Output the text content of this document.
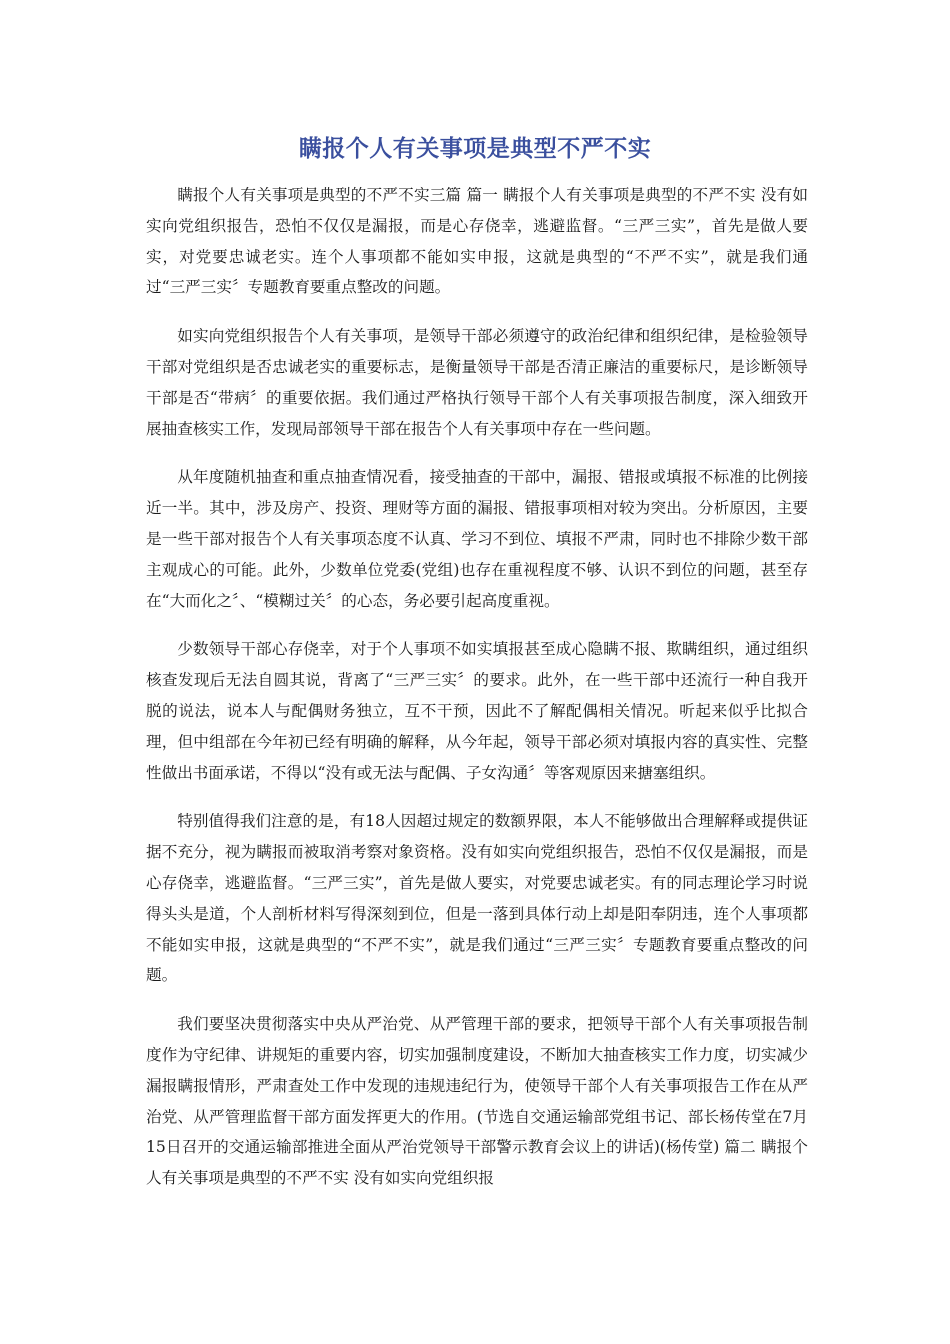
瞒报个人有关事项是典型不严不实

瞒报个人有关事项是典型的不严不实三篇 篇一 瞒报个人有关事项是典型的不严不实 没有如实向党组织报告，恐怕不仅仅是漏报，而是心存侥幸，逃避监督。“三严三实”，首先是做人要实，对党要忠诚老实。连个人事项都不能如实申报，这就是典型的“不严不实”，就是我们通过“三严三实〞专题教育要重点整改的问题。

如实向党组织报告个人有关事项，是领导干部必须遵守的政治纪律和组织纪律，是检验领导干部对党组织是否忠诚老实的重要标志，是衡量领导干部是否清正廉洁的重要标尺，是诊断领导干部是否“带病〞的重要依据。我们通过严格执行领导干部个人有关事项报告制度，深入细致开展抽查核实工作，发现局部领导干部在报告个人有关事项中存在一些问题。

从年度随机抽查和重点抽查情况看，接受抽查的干部中，漏报、错报或填报不标准的比例接近一半。其中，涉及房产、投资、理财等方面的漏报、错报事项相对较为突出。分析原因，主要是一些干部对报告个人有关事项态度不认真、学习不到位、填报不严肃，同时也不排除少数干部主观成心的可能。此外，少数单位党委(党组)也存在重视程度不够、认识不到位的问题，甚至存在“大而化之〞、“模糊过关〞的心态，务必要引起高度重视。

少数领导干部心存侥幸，对于个人事项不如实填报甚至成心隐瞒不报、欺瞒组织，通过组织核查发现后无法自圆其说，背离了“三严三实〞的要求。此外，在一些干部中还流行一种自我开脱的说法，说本人与配偶财务独立，互不干预，因此不了解配偶相关情况。听起来似乎比拟合理，但中组部在今年初已经有明确的解释，从今年起，领导干部必须对填报内容的真实性、完整性做出书面承诺，不得以“没有或无法与配偶、子女沟通〞等客观原因来搪塞组织。

特别值得我们注意的是，有18人因超过规定的数额界限，本人不能够做出合理解释或提供证据不充分，视为瞒报而被取消考察对象资格。没有如实向党组织报告，恐怕不仅仅是漏报，而是心存侥幸，逃避监督。“三严三实”，首先是做人要实，对党要忠诚老实。有的同志理论学习时说得头头是道，个人剖析材料写得深刻到位，但是一落到具体行动上却是阳奉阴违，连个人事项都不能如实申报，这就是典型的“不严不实”，就是我们通过“三严三实〞专题教育要重点整改的问题。

我们要坚决贯彻落实中央从严治党、从严管理干部的要求，把领导干部个人有关事项报告制度作为守纪律、讲规矩的重要内容，切实加强制度建设，不断加大抽查核实工作力度，切实减少漏报瞒报情形，严肃查处工作中发现的违规违纪行为，使领导干部个人有关事项报告工作在从严治党、从严管理监督干部方面发挥更大的作用。(节选自交通运输部党组书记、部长杨传堂在7月15日召开的交通运输部推进全面从严治党领导干部警示教育会议上的讲话)(杨传堂) 篇二 瞒报个人有关事项是典型的不严不实 没有如实向党组织报
